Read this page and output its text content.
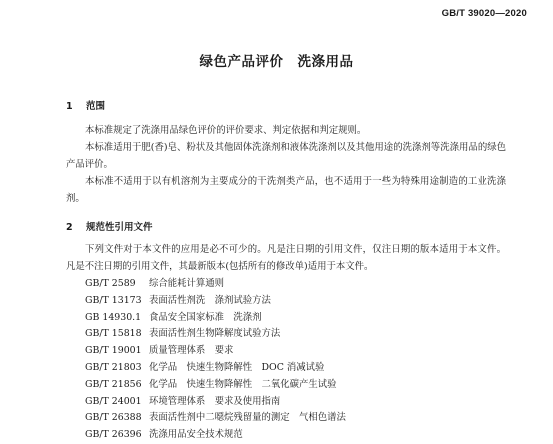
GB/T 39020—2020
绿色产品评价 洗涤用品
1 范围
本标准规定了洗涤用品绿色评价的评价要求、判定依据和判定规则。
本标准适用于肥(香)皂、粉状及其他固体洗涤剂和液体洗涤剂以及其他用途的洗涤剂等洗涤用品的绿色产品评价。
本标准不适用于以有机溶剂为主要成分的干洗剂类产品，也不适用于一些为特殊用途制造的工业洗涤剂。
2 规范性引用文件
下列文件对于本文件的应用是必不可少的。凡是注日期的引用文件，仅注日期的版本适用于本文件。凡是不注日期的引用文件，其最新版本(包括所有的修改单)适用于本文件。
GB/T 2589 综合能耗计算通则
GB/T 13173 表面活性剂洗　涤剂试验方法
GB 14930.1 食品安全国家标准　洗涤剂
GB/T 15818 表面活性剂生物降解度试验方法
GB/T 19001 质量管理体系　要求
GB/T 21803 化学品　快速生物降解性　DOC 消减试验
GB/T 21856 化学品　快速生物降解性　二氧化碳产生试验
GB/T 24001 环境管理体系　要求及使用指南
GB/T 26388 表面活性剂中二噁烷残留量的测定　气相色谱法
GB/T 26396 洗涤用品安全技术规范
